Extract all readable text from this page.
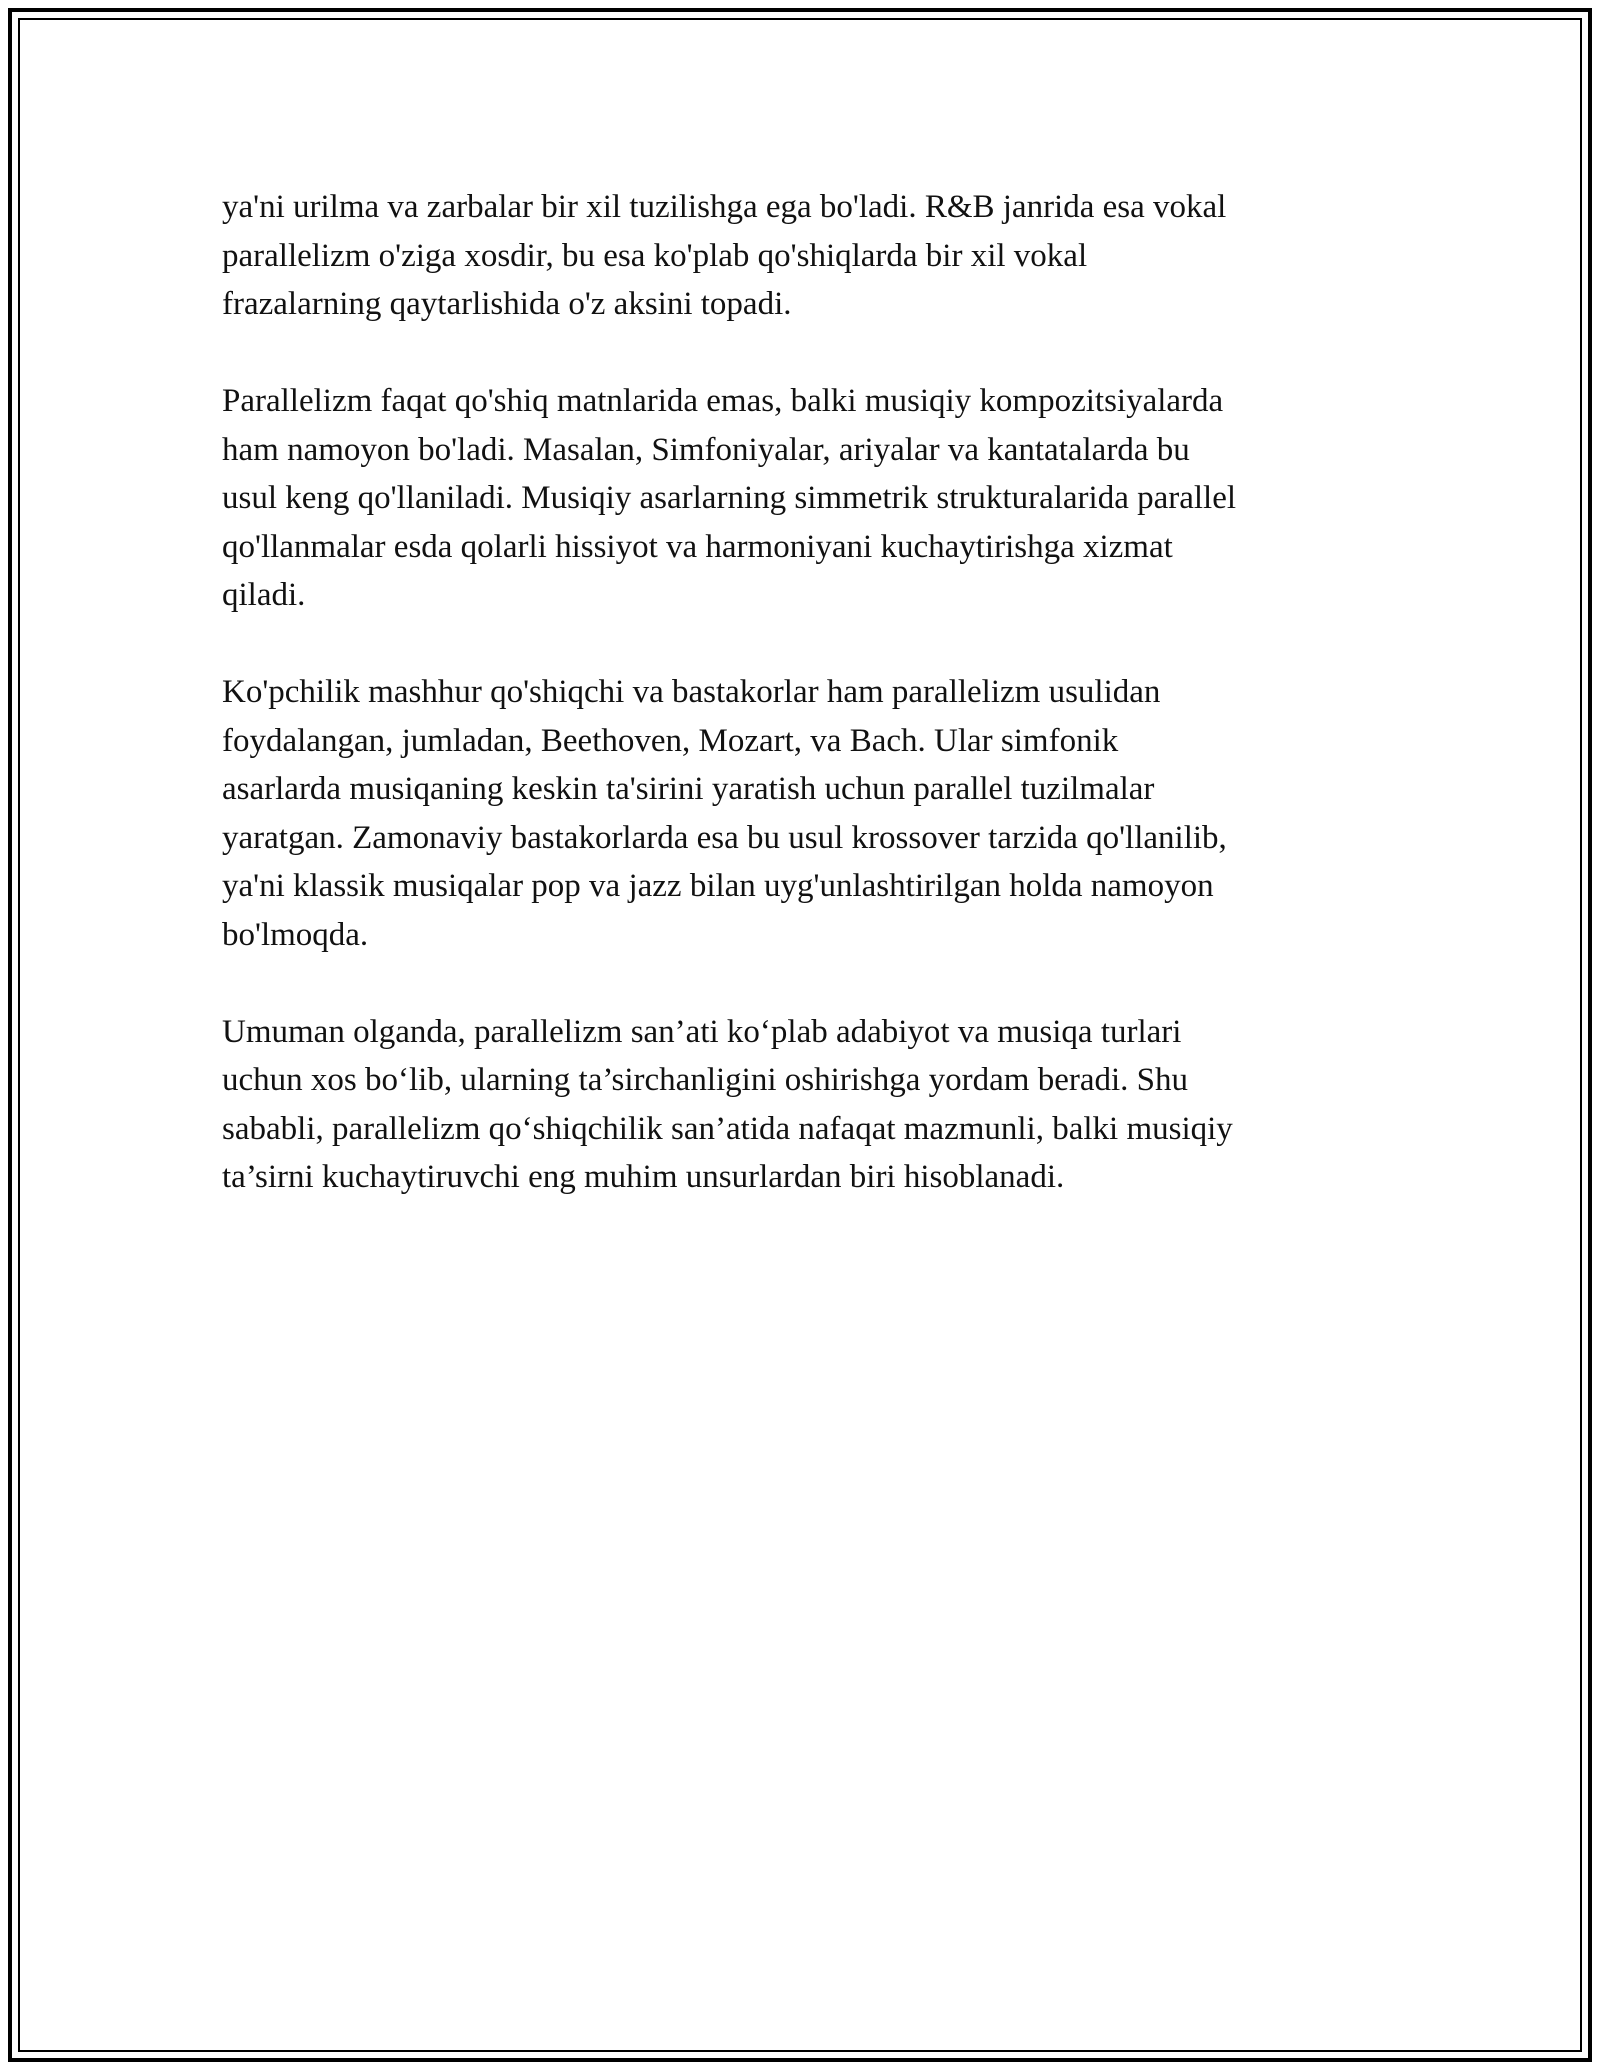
ya'ni urilma va zarbalar bir xil tuzilishga ega bo'ladi. R&B janrida esa vokal
parallelizm o'ziga xosdir, bu esa ko'plab qo'shiqlarda bir xil vokal
frazalarning qaytarlishida o'z aksini topadi.

Parallelizm faqat qo'shiq matnlarida emas, balki musiqiy kompozitsiyalarda
ham namoyon bo'ladi. Masalan, Simfoniyalar, ariyalar va kantatalarda bu
usul keng qo'llaniladi. Musiqiy asarlarning simmetrik strukturalarida parallel
qo'llanmalar esda qolarli hissiyot va harmoniyani kuchaytirishga xizmat
qiladi.

Ko'pchilik mashhur qo'shiqchi va bastakorlar ham parallelizm usulidan
foydalangan, jumladan, Beethoven, Mozart, va Bach. Ular simfonik
asarlarda musiqaning keskin ta'sirini yaratish uchun parallel tuzilmalar
yaratgan. Zamonaviy bastakorlarda esa bu usul krossover tarzida qo'llanilib,
ya'ni klassik musiqalar pop va jazz bilan uyg'unlashtirilgan holda namoyon
bo'lmoqda.

Umuman olganda, parallelizm san’ati ko‘plab adabiyot va musiqa turlari
uchun xos bo‘lib, ularning ta’sirchanligini oshirishga yordam beradi. Shu
sababli, parallelizm qo‘shiqchilik san’atida nafaqat mazmunli, balki musiqiy
ta’sirni kuchaytiruvchi eng muhim unsurlardan biri hisoblanadi.
